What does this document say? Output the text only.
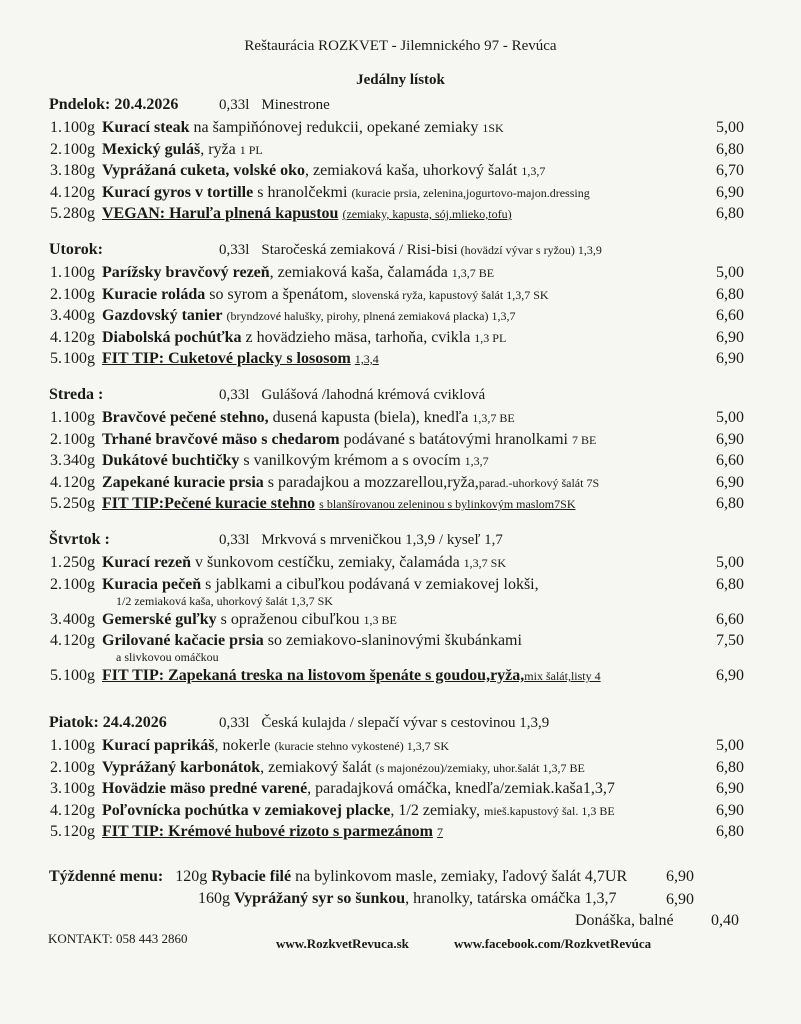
Reštaurácia ROZKVET - Jilemnického 97 - Revúca
Jedálny lístok
Pndelok: 20.4.2026	0,33l Minestrone
1.100g Kurací steak na šampiňónovej redukcii, opekané zemiaky 1SK	5,00
2.100g Mexický guláš, ryža 1 PL	6,80
3.180g Vyprážaná cuketa, volské oko, zemiaková kaša, uhorkový šalát 1,3,7	6,70
4.120g Kurací gyros v tortille s hranolčekmi (kuracie prsia, zelenina,jogurtovo-majon.dressing	6,90
5.280g VEGAN: Haruľa plnená kapustou (zemiaky, kapusta, sój.mlieko,tofu)	6,80
Utorok:	0,33l Staročeská zemiaková / Risi-bisi (hovädzí vývar s ryžou) 1,3,9
1.100g Parížsky bravčový rezeň, zemiaková kaša, čalamáda 1,3,7 BE	5,00
2.100g Kuracie roláda so syrom a špenátom, slovenská ryža, kapustový šalát 1,3,7 SK	6,80
3.400g Gazdovský tanier (bryndzové halušky, pirohy, plnená zemiaková placka) 1,3,7	6,60
4.120g Diabolská pochúťka z hovädzieho mäsa, tarhoňa, cvikla 1,3 PL	6,90
5.100g FIT TIP: Cuketové placky s lososom 1,3,4	6,90
Streda :	0,33l Gulášová /lahodná krémová cviklová
1.100g Bravčové pečené stehno, dusená kapusta (biela), knedľa 1,3,7 BE	5,00
2.100g Trhané bravčové mäso s chedarom podávané s batátovými hranolkami 7 BE	6,90
3.340g Dukátové buchtičky s vanilkovým krémom a s ovocím 1,3,7	6,60
4.120g Zapekané kuracie prsia s paradajkou a mozzarellou,ryža,parad.-uhorkový šalát 7S	6,90
5.250g FIT TIP:Pečené kuracie stehno s blanšírovanou zeleninou s bylinkovým maslom7SK	6,80
Štvrtok :	0,33l Mrkvová s mrveničkou 1,3,9 / kyseľ 1,7
1.250g Kurací rezeň v šunkovom cestíčku, zemiaky, čalamáda 1,3,7 SK	5,00
2.100g Kuracia pečeň s jablkami a cibuľkou podávaná v zemiakovej lokši,	6,80
1/2 zemiaková kaša, uhorkový šalát 1,3,7 SK
3.400g Gemerské guľky s opraženou cibuľkou 1,3 BE	6,60
4.120g Grilované kačacie prsia so zemiakovo-slaninovými škubánkami	7,50
a slivkovou omáčkou
5.100g FIT TIP: Zapekaná treska na listovom špenáte s goudou,ryža,mix šalát,listy 4	6,90
Piatok: 24.4.2026	0,33l Česká kulajda / slepačí vývar s cestovinou 1,3,9
1.100g Kurací paprikáš, nokerle (kuracie stehno vykostené) 1,3,7 SK	5,00
2.100g Vyprážaný karbonátok, zemiakový šalát (s majonézou)/zemiaky, uhor.šalát 1,3,7 BE	6,80
3.100g Hovädzie mäso predné varené, paradajková omáčka, knedľa/zemiak.kaša1,3,7	6,90
4.120g Poľovnícka pochútka v zemiakovej placke, 1/2 zemiaky, mieš.kapustový šal. 1,3 BE	6,90
5.120g FIT TIP: Krémové hubové rizoto s parmezánom 7	6,80
Týždenné menu: 120g Rybacie filé na bylinkovom masle, zemiaky, ľadový šalát 4,7UR 6,90
160g Vyprážaný syr so šunkou, hranolky, tatárska omáčka 1,3,7	6,90
Donáška, balné 0,40
KONTAKT: 058 443 2860	www.RozkvetRevuca.sk	www.facebook.com/RozkvetRevúca
